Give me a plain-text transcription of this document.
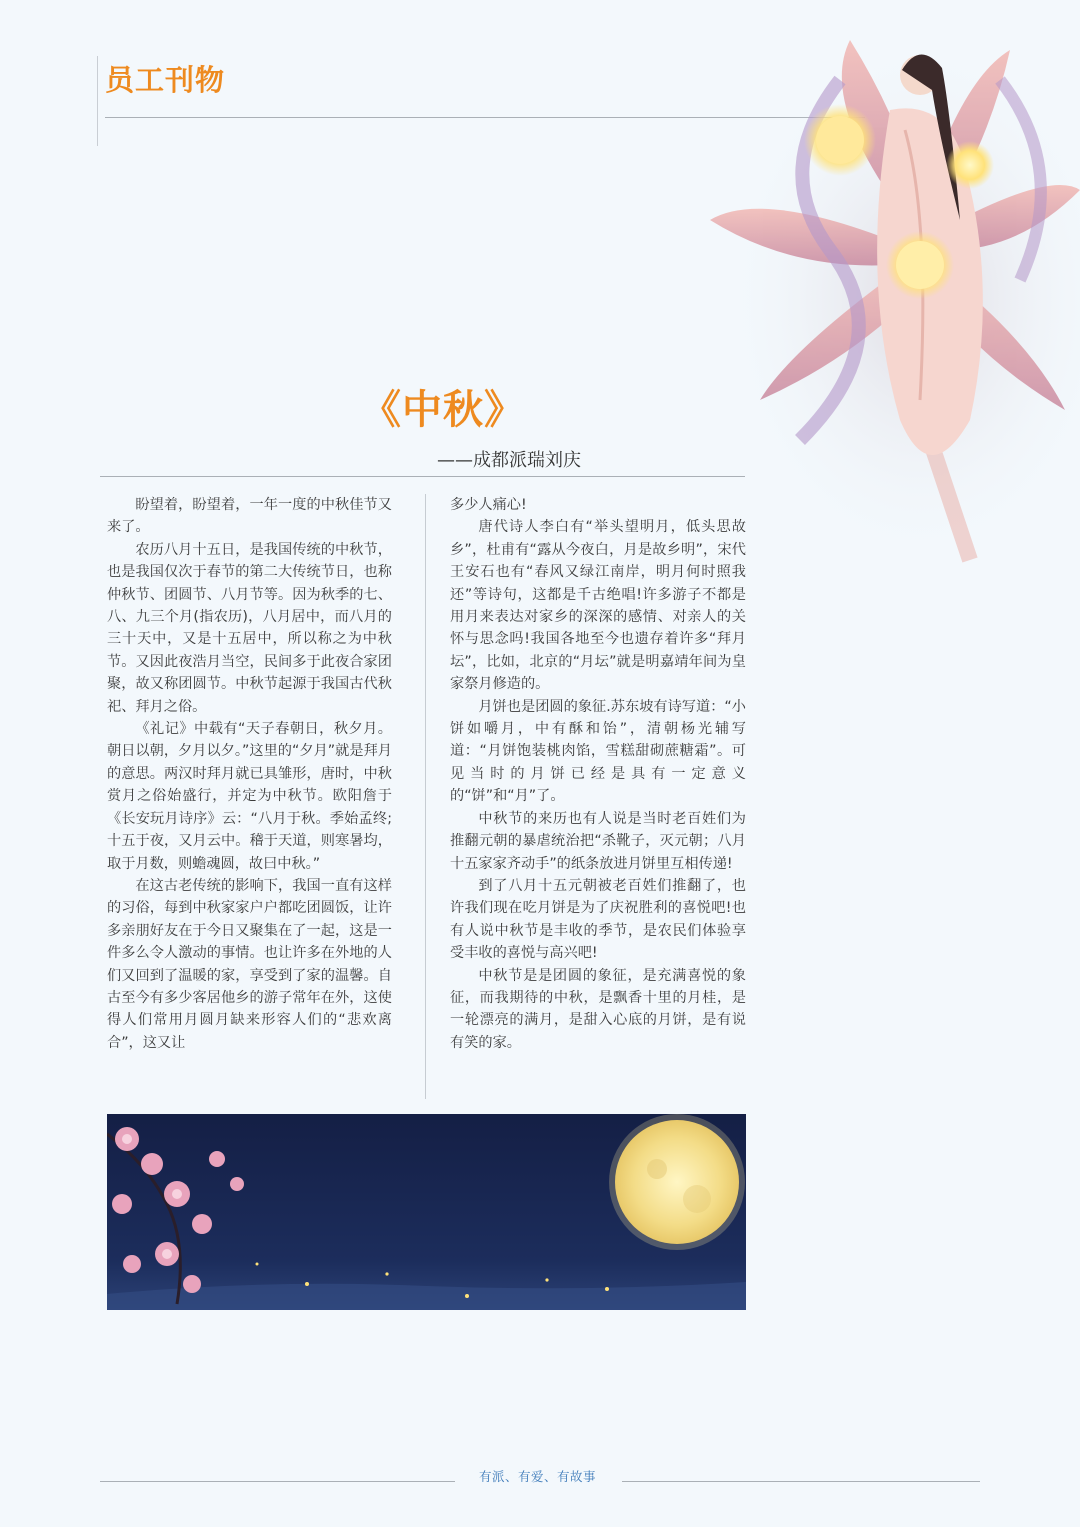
员工刊物
《中秋》
——成都派瑞刘庆

盼望着，盼望着，一年一度的中秋佳节又来了。

农历八月十五日，是我国传统的中秋节，也是我国仅次于春节的第二大传统节日，也称仲秋节、团圆节、八月节等。因为秋季的七、八、九三个月(指农历)，八月居中，而八月的三十天中，又是十五居中，所以称之为中秋节。又因此夜浩月当空，民间多于此夜合家团聚，故又称团圆节。中秋节起源于我国古代秋祀、拜月之俗。

《礼记》中载有“天子春朝日，秋夕月。朝日以朝，夕月以夕。”这里的“夕月”就是拜月的意思。两汉时拜月就已具雏形，唐时，中秋赏月之俗始盛行，并定为中秋节。欧阳詹于《长安玩月诗序》云：“八月于秋。季始孟终;十五于夜，又月云中。稽于天道，则寒暑均，取于月数，则蟾魂圆，故曰中秋。”

在这古老传统的影响下，我国一直有这样的习俗，每到中秋家家户户都吃团圆饭，让许多亲朋好友在于今日又聚集在了一起，这是一件多么令人激动的事情。也让许多在外地的人们又回到了温暖的家，享受到了家的温馨。自古至今有多少客居他乡的游子常年在外，这使得人们常用月圆月缺来形容人们的“悲欢离合”，这又让

多少人痛心!

唐代诗人李白有“举头望明月，低头思故乡”，杜甫有“露从今夜白，月是故乡明”，宋代王安石也有“春风又绿江南岸，明月何时照我还”等诗句，这都是千古绝唱!许多游子不都是用月来表达对家乡的深深的感情、对亲人的关怀与思念吗!我国各地至今也遗存着许多“拜月坛”，比如，北京的“月坛”就是明嘉靖年间为皇家祭月修造的。

月饼也是团圆的象征.苏东坡有诗写道：“小饼如嚼月，中有酥和饴”，清朝杨光辅写道：“月饼饱装桃肉馅，雪糕甜砌蔗糖霜”。可见当时的月饼已经是具有一定意义的“饼”和“月”了。

中秋节的来历也有人说是当时老百姓们为推翻元朝的暴虐统治把“杀靴子，灭元朝；八月十五家家齐动手”的纸条放进月饼里互相传递!

到了八月十五元朝被老百姓们推翻了，也许我们现在吃月饼是为了庆祝胜利的喜悦吧!也有人说中秋节是丰收的季节，是农民们体验享受丰收的喜悦与高兴吧!

中秋节是是团圆的象征，是充满喜悦的象征，而我期待的中秋，是飘香十里的月桂，是一轮漂亮的满月，是甜入心底的月饼，是有说有笑的家。

有派、有爱、有故事
